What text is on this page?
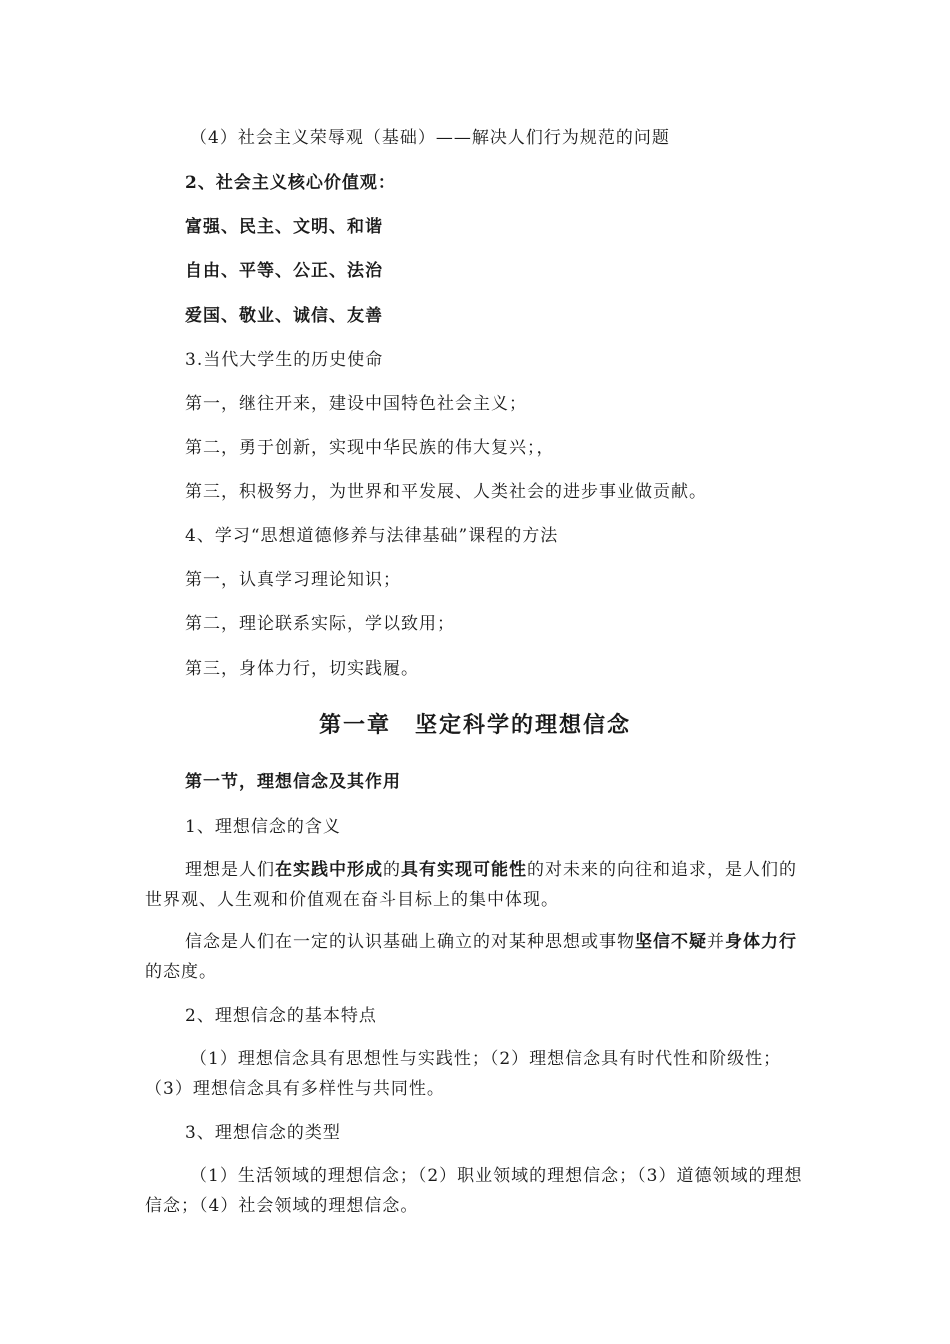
（4）社会主义荣辱观（基础）——解决人们行为规范的问题
2、社会主义核心价值观：
富强、民主、文明、和谐
自由、平等、公正、法治
爱国、敬业、诚信、友善
3.当代大学生的历史使命
第一，继往开来，建设中国特色社会主义；
第二，勇于创新，实现中华民族的伟大复兴；，
第三，积极努力，为世界和平发展、人类社会的进步事业做贡献。
4、学习“思想道德修养与法律基础”课程的方法
第一，认真学习理论知识；
第二，理论联系实际，学以致用；
第三，身体力行，切实践履。
第一章　坚定科学的理想信念
第一节，理想信念及其作用
1、理想信念的含义
理想是人们在实践中形成的具有实现可能性的对未来的向往和追求，是人们的世界观、人生观和价值观在奋斗目标上的集中体现。
信念是人们在一定的认识基础上确立的对某种思想或事物坚信不疑并身体力行的态度。
2、理想信念的基本特点
（1）理想信念具有思想性与实践性；（2）理想信念具有时代性和阶级性；（3）理想信念具有多样性与共同性。
3、理想信念的类型
（1）生活领域的理想信念；（2）职业领域的理想信念；（3）道德领域的理想信念；（4）社会领域的理想信念。
